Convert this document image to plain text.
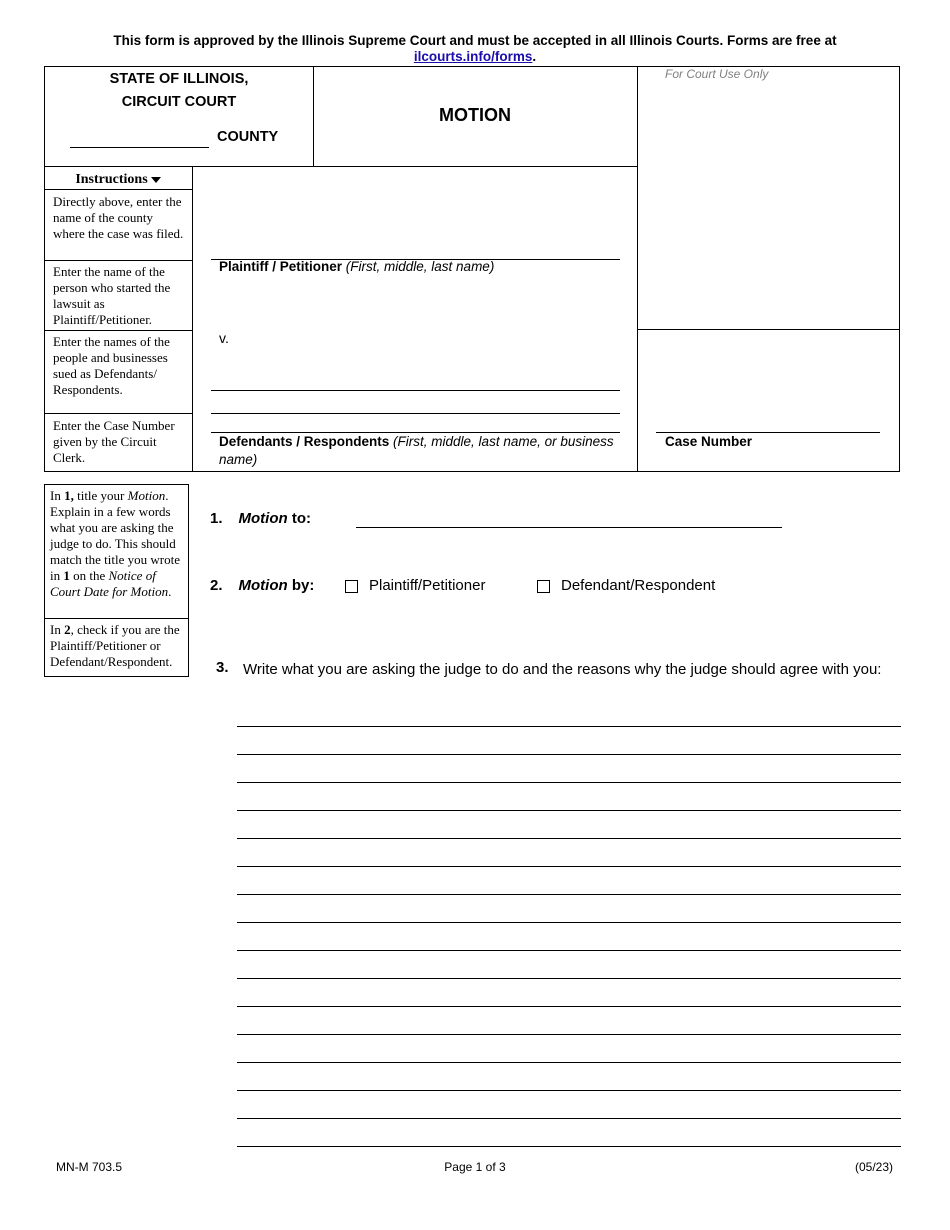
This form is approved by the Illinois Supreme Court and must be accepted in all Illinois Courts. Forms are free at
ilcourts.info/forms.
STATE OF ILLINOIS,
CIRCUIT COURT
COUNTY
MOTION
For Court Use Only
Instructions
Directly above, enter the name of the county where the case was filed.
Enter the name of the person who started the lawsuit as Plaintiff/Petitioner.
Enter the names of the people and businesses sued as Defendants/ Respondents.
Enter the Case Number given by the Circuit Clerk.
Plaintiff / Petitioner (First, middle, last name)
v.
Defendants / Respondents (First, middle, last name, or business name)
Case Number
In 1, title your Motion. Explain in a few words what you are asking the judge to do. This should match the title you wrote in 1 on the Notice of Court Date for Motion.
In 2, check if you are the Plaintiff/Petitioner or Defendant/Respondent.
1. Motion to:
2. Motion by:	Plaintiff/Petitioner	Defendant/Respondent
3. Write what you are asking the judge to do and the reasons why the judge should agree with you:
MN-M 703.5	Page 1 of 3	(05/23)
